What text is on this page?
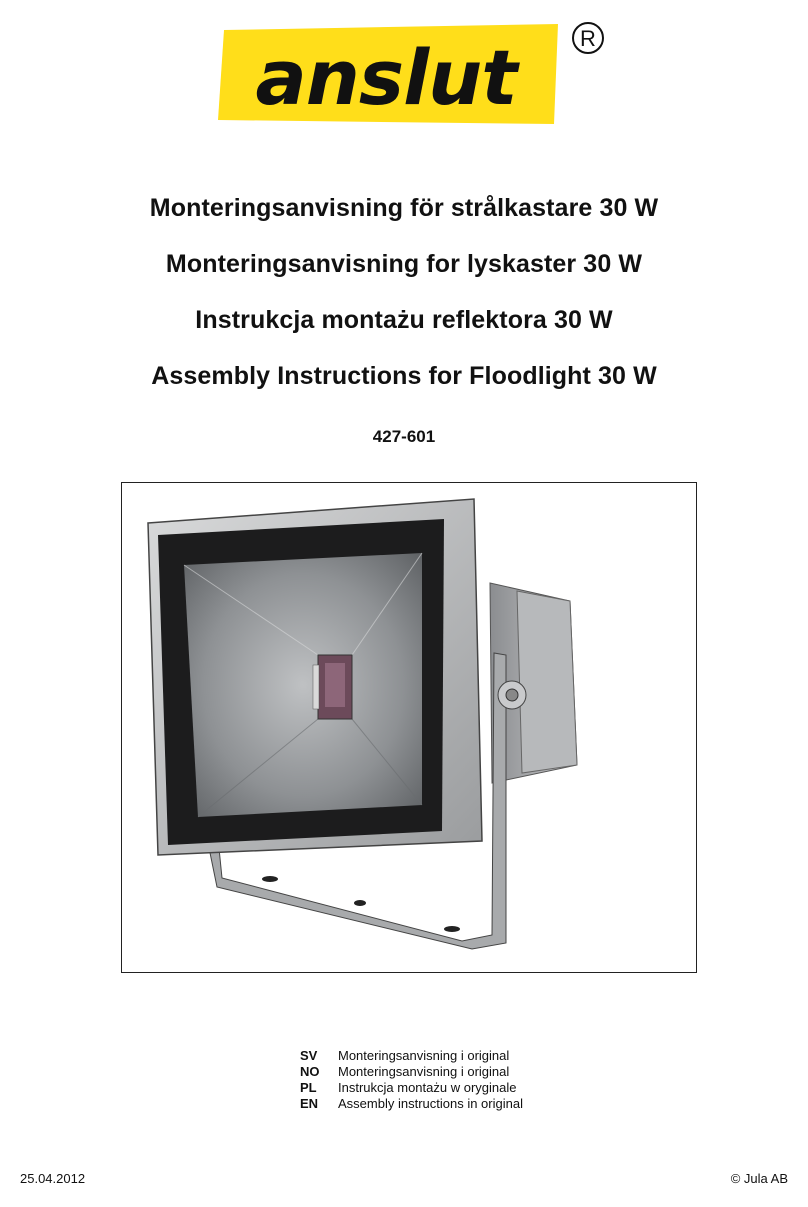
anslut	R
Monteringsanvisning för strålkastare 30 W
Monteringsanvisning for lyskaster 30 W
Instrukcja montażu reflektora 30 W
Assembly Instructions for Floodlight 30 W
427-601
SV	Monteringsanvisning i original
NO	Monteringsanvisning i original
PL	Instrukcja montażu w oryginale
EN	Assembly instructions in original
25.04.2012	© Jula AB
